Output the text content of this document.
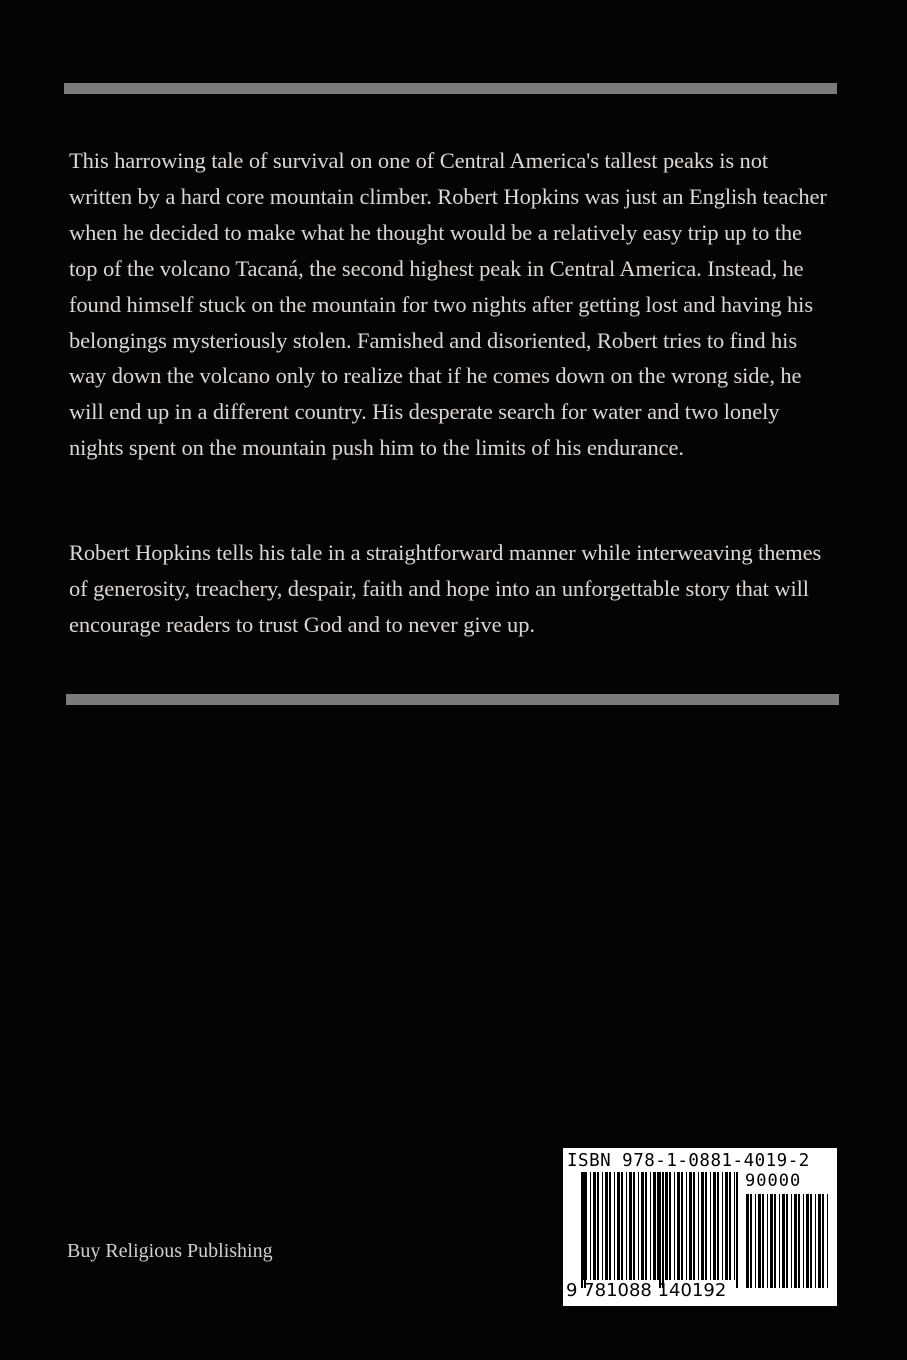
This harrowing tale of survival on one of Central America's tallest peaks is not written by a hard core mountain climber. Robert Hopkins was just an English teacher when he decided to make what he thought would be a relatively easy trip up to the top of the volcano Tacaná, the second highest peak in Central America. Instead, he found himself stuck on the mountain for two nights after getting lost and having his belongings mysteriously stolen. Famished and disoriented, Robert tries to find his way down the volcano only to realize that if he comes down on the wrong side, he will end up in a different country. His desperate search for water and two lonely nights spent on the mountain push him to the limits of his endurance.

Robert Hopkins tells his tale in a straightforward manner while interweaving themes of generosity, treachery, despair, faith and hope into an unforgettable story that will encourage readers to trust God and to never give up.

Buy Religious Publishing
ISBN 978-1-0881-4019-2
90000
9 781088 140192
